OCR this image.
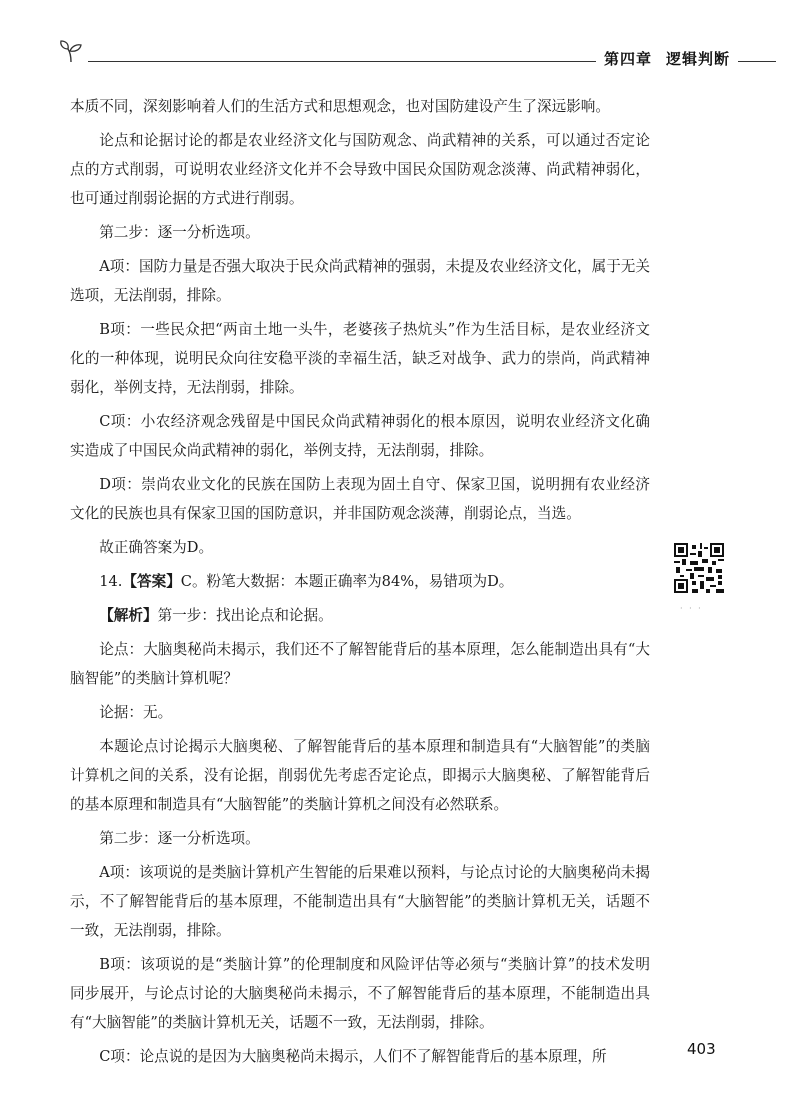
第四章 逻辑判断

本质不同，深刻影响着人们的生活方式和思想观念，也对国防建设产生了深远影响。

论点和论据讨论的都是农业经济文化与国防观念、尚武精神的关系，可以通过否定论点的方式削弱，可说明农业经济文化并不会导致中国民众国防观念淡薄、尚武精神弱化，也可通过削弱论据的方式进行削弱。

第二步：逐一分析选项。

A项：国防力量是否强大取决于民众尚武精神的强弱，未提及农业经济文化，属于无关选项，无法削弱，排除。

B项：一些民众把“两亩土地一头牛，老婆孩子热炕头”作为生活目标，是农业经济文化的一种体现，说明民众向往安稳平淡的幸福生活，缺乏对战争、武力的崇尚，尚武精神弱化，举例支持，无法削弱，排除。

C项：小农经济观念残留是中国民众尚武精神弱化的根本原因，说明农业经济文化确实造成了中国民众尚武精神的弱化，举例支持，无法削弱，排除。

D项：崇尚农业文化的民族在国防上表现为固土自守、保家卫国，说明拥有农业经济文化的民族也具有保家卫国的国防意识，并非国防观念淡薄，削弱论点，当选。

故正确答案为D。

14.【答案】C。粉笔大数据：本题正确率为84%，易错项为D。

【解析】第一步：找出论点和论据。

论点：大脑奥秘尚未揭示，我们还不了解智能背后的基本原理，怎么能制造出具有“大脑智能”的类脑计算机呢？

论据：无。

本题论点讨论揭示大脑奥秘、了解智能背后的基本原理和制造具有“大脑智能”的类脑计算机之间的关系，没有论据，削弱优先考虑否定论点，即揭示大脑奥秘、了解智能背后的基本原理和制造具有“大脑智能”的类脑计算机之间没有必然联系。

第二步：逐一分析选项。

A项：该项说的是类脑计算机产生智能的后果难以预料，与论点讨论的大脑奥秘尚未揭示，不了解智能背后的基本原理，不能制造出具有“大脑智能”的类脑计算机无关，话题不一致，无法削弱，排除。

B项：该项说的是“类脑计算”的伦理制度和风险评估等必须与“类脑计算”的技术发明同步展开，与论点讨论的大脑奥秘尚未揭示，不了解智能背后的基本原理，不能制造出具有“大脑智能”的类脑计算机无关，话题不一致，无法削弱，排除。

C项：论点说的是因为大脑奥秘尚未揭示，人们不了解智能背后的基本原理，所

· · ·
403
